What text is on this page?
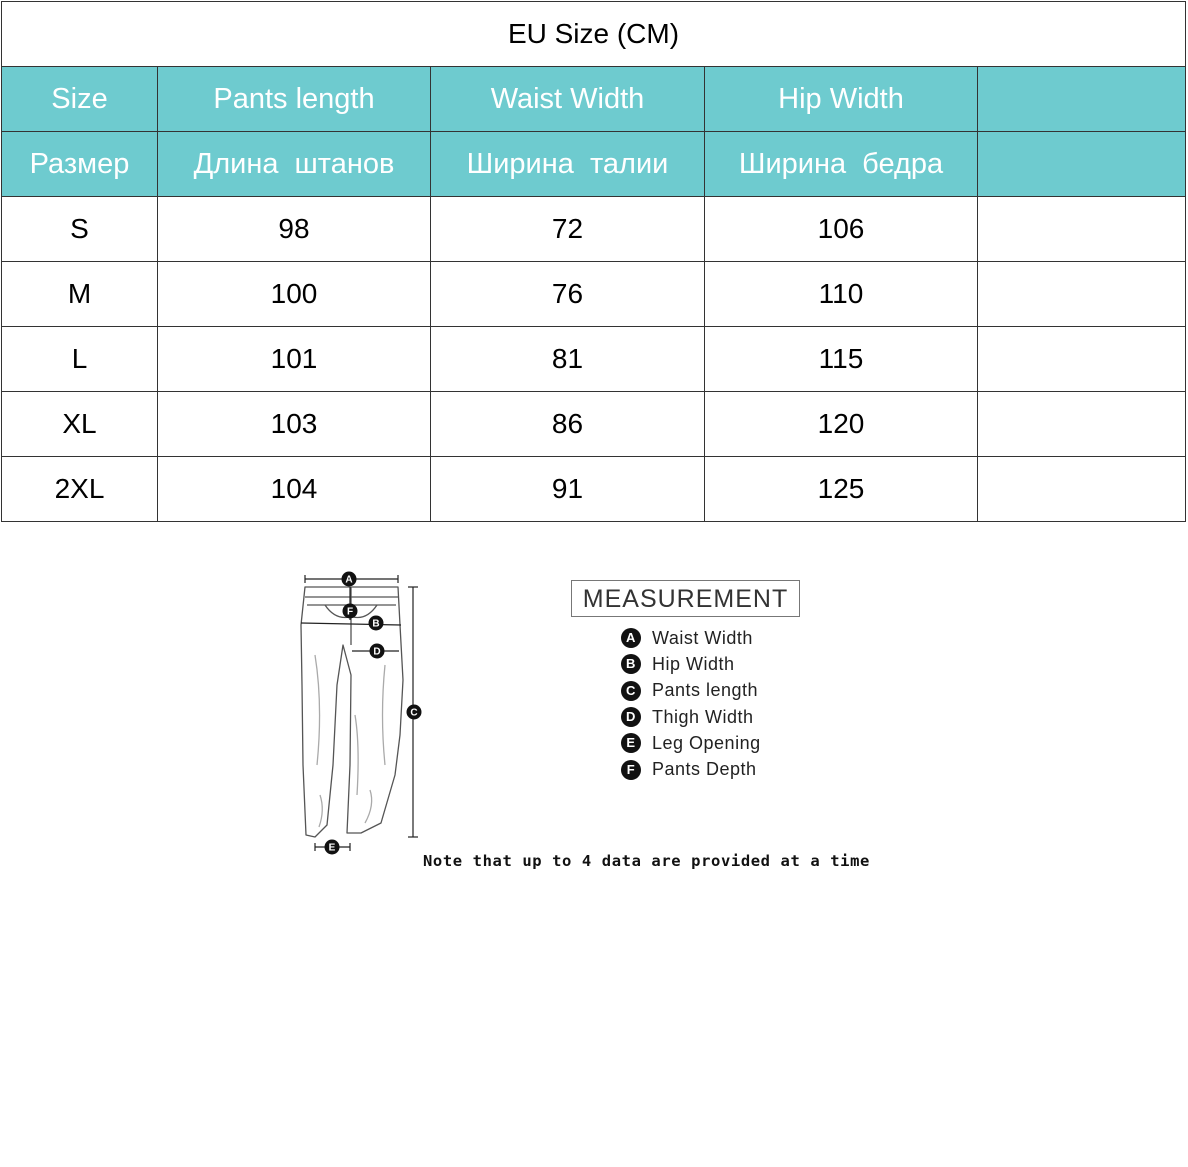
EU Size (CM)				
Size	Pants length	Waist Width	Hip Width	
Размер	Длина штанов	Ширина талии	Ширина бедра	
S	98	72	106	
M	100	76	110	
L	101	81	115	
XL	103	86	120	
2XL	104	91	125	
A
F
B
D
C
E
MEASUREMENT
A Waist Width
B Hip Width
C Pants length
D Thigh Width
E Leg Opening
F Pants Depth
Note that up to 4 data are provided at a time
